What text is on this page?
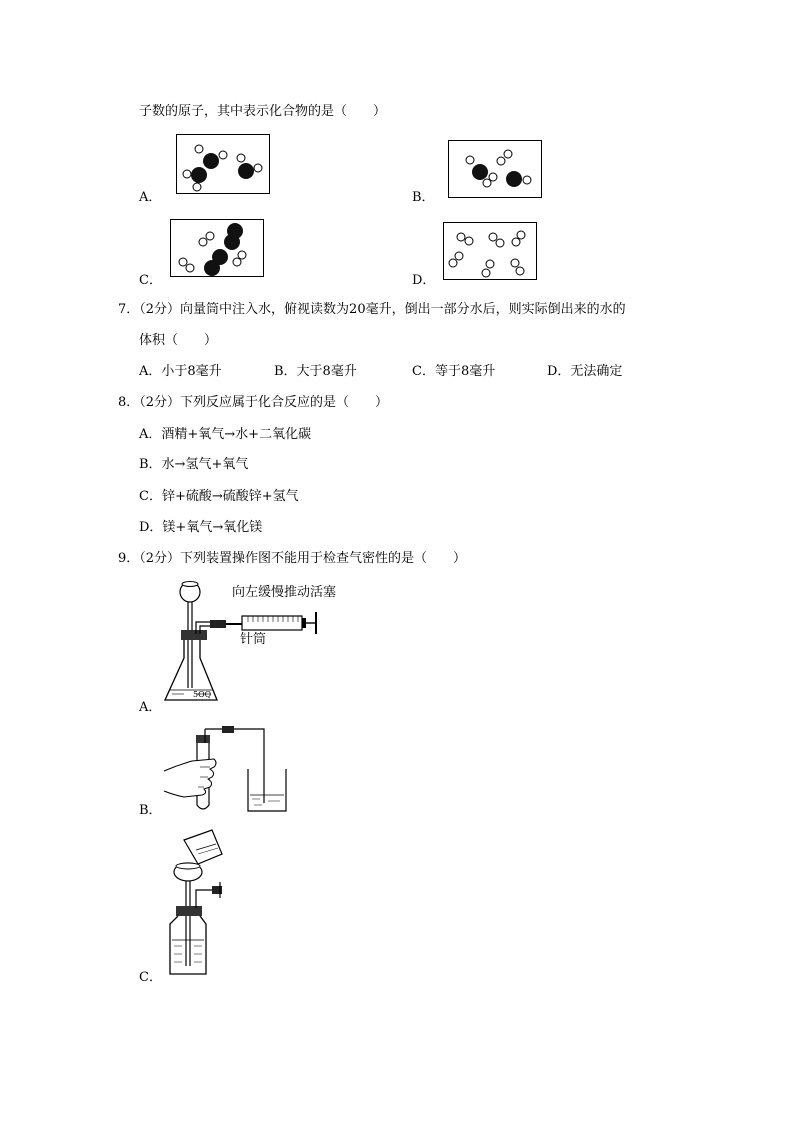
子数的原子，其中表示化合物的是（　　）
A．	B．
C．	D．
7．（2分）向量筒中注入水，俯视读数为20毫升，倒出一部分水后，则实际倒出来的水的
体积（　　）
A．小于8毫升	B．大于8毫升	C．等于8毫升	D．无法确定
8．（2分）下列反应属于化合反应的是（　　）
A．酒精+氧气→水+二氧化碳
B．水→氢气+氧气
C．锌+硫酸→硫酸锌+氢气
D．镁+氧气→氧化镁
9．（2分）下列装置操作图不能用于检查气密性的是（　　）
向左缓慢推动活塞
针筒
5OQ
A．
B．
C．
